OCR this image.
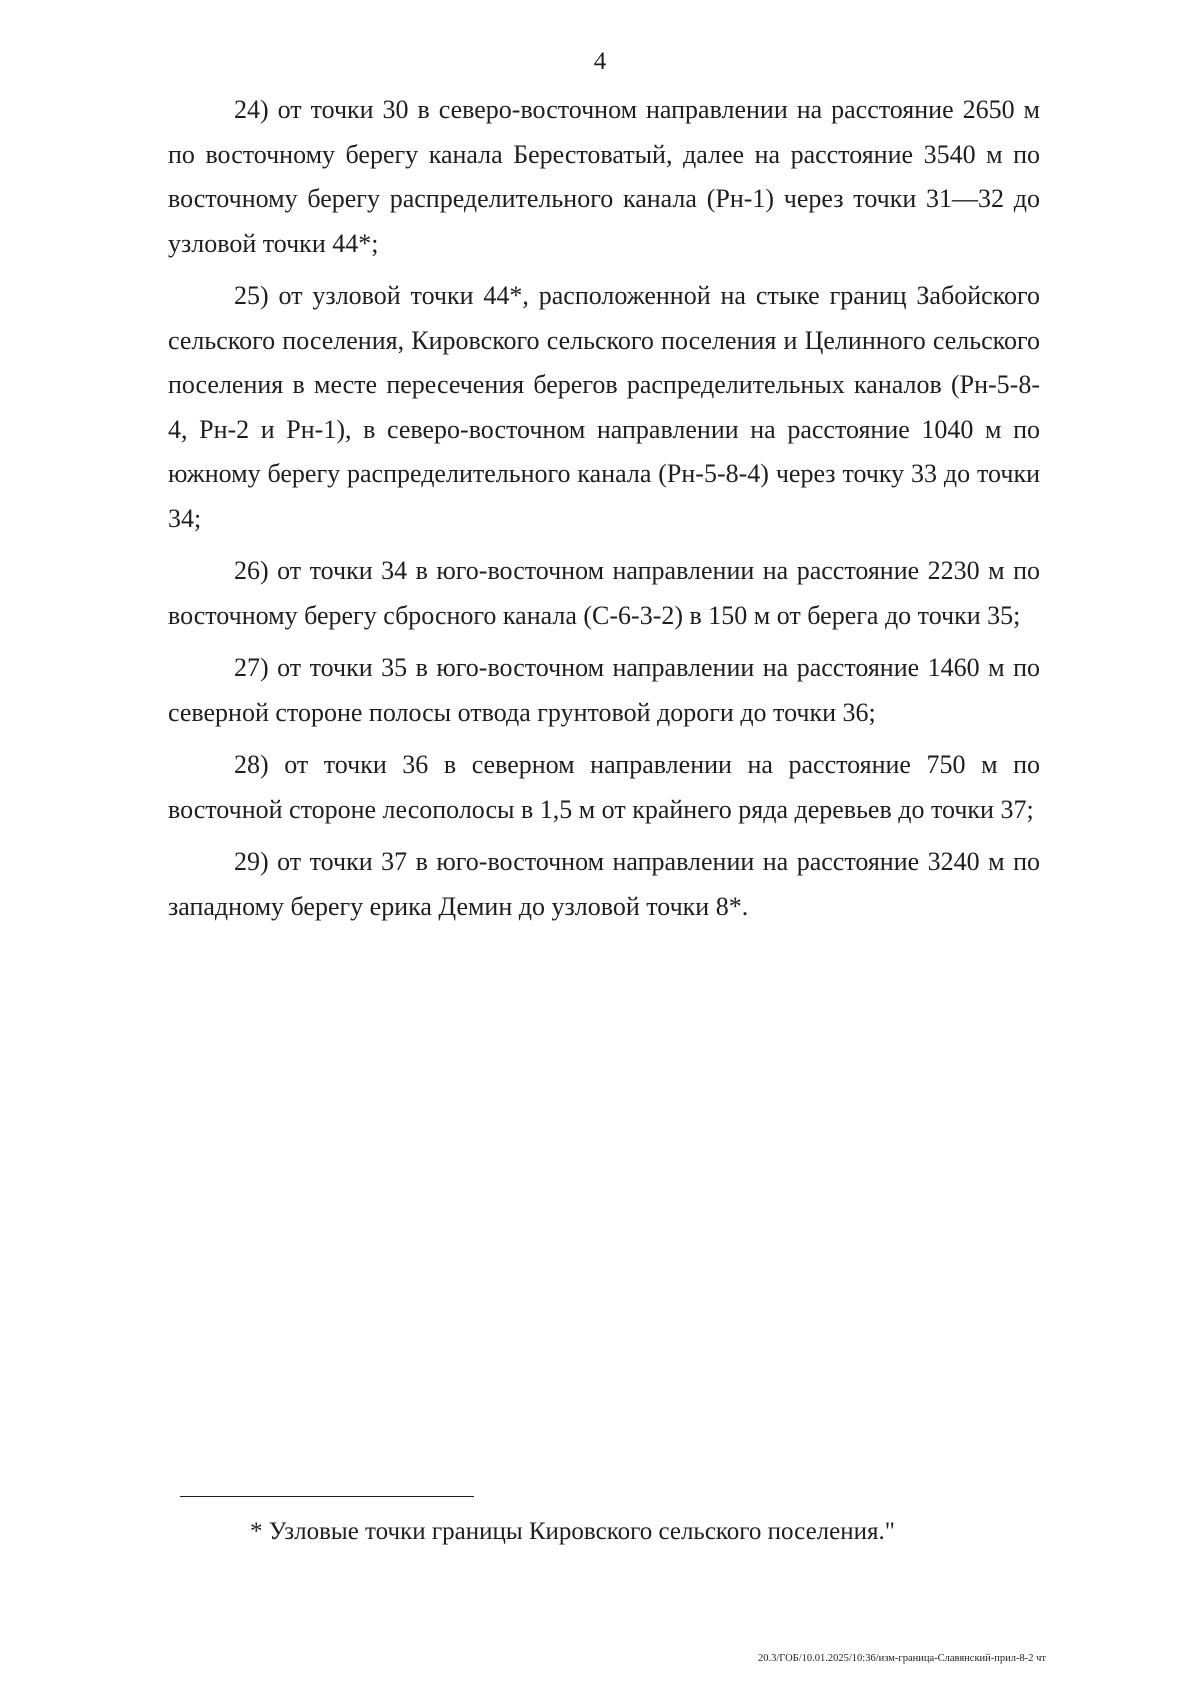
4

24) от точки 30 в северо-восточном направлении на расстояние 2650 м по восточному берегу канала Берестоватый, далее на расстояние 3540 м по восточному берегу распределительного канала (Рн-1) через точки 31—32 до узловой точки 44*;

25) от узловой точки 44*, расположенной на стыке границ Забойского сельского поселения, Кировского сельского поселения и Целинного сельского поселения в месте пересечения берегов распределительных каналов (Рн-5-8-4, Рн-2 и Рн-1), в северо-восточном направлении на расстояние 1040 м по южному берегу распределительного канала (Рн-5-8-4) через точку 33 до точки 34;

26) от точки 34 в юго-восточном направлении на расстояние 2230 м по восточному берегу сбросного канала (С-6-3-2) в 150 м от берега до точки 35;

27) от точки 35 в юго-восточном направлении на расстояние 1460 м по северной стороне полосы отвода грунтовой дороги до точки 36;

28) от точки 36 в северном направлении на расстояние 750 м по восточной стороне лесополосы в 1,5 м от крайнего ряда деревьев до точки 37;

29) от точки 37 в юго-восточном направлении на расстояние 3240 м по западному берегу ерика Демин до узловой точки 8*.

* Узловые точки границы Кировского сельского поселения."
20.3/ГОБ/10.01.2025/10:36/изм-граница-Славянский-прил-8-2 чт
